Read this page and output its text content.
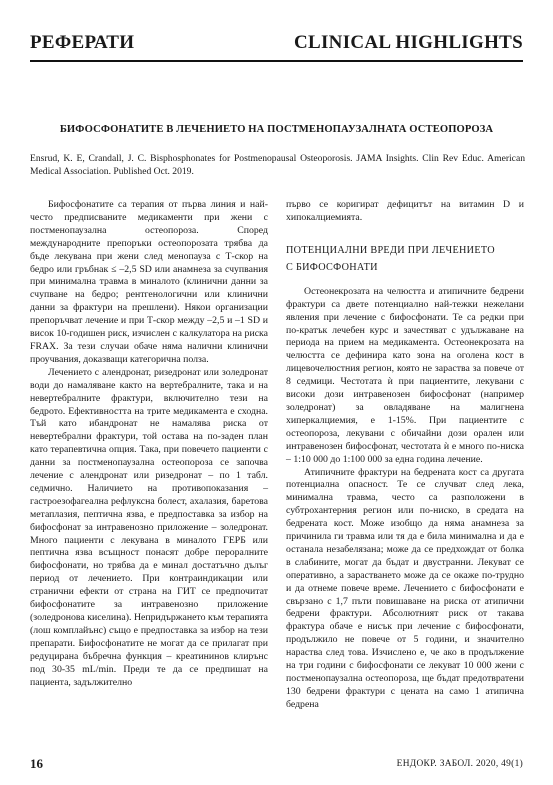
РЕФЕРАТИ	CLINICAL HIGHLIGHTS
БИФОСФОНАТИТЕ В ЛЕЧЕНИЕТО НА ПОСТМЕНОПАУЗАЛНАТА ОСТЕОПОРОЗА
Ensrud, K. E, Crandall, J. C. Bisphosphonates for Postmenopausal Osteoporosis. JAMA Insights. Clin Rev Educ. American Medical Association. Published Oct. 2019.

Бифосфонатите са терапия от първа линия и най-често предписваните медикаменти при жени с постменопаузална остеопороза. Според международните препоръки остеопорозата трябва да бъде лекувана при жени след менопауза с Т-скор на бедро или гръбнак ≤ –2,5 SD или анамнеза за счупвания при минимална травма в миналото (клинични данни за счупване на бедро; рентгенологични или клинични данни за фрактури на прешлени). Някои организации препоръчват лечение и при Т-скор между –2,5 и –1 SD и висок 10-годишен риск, изчислен с калкулатора на риска FRAX. За тези случаи обаче няма налични клинични проучвания, доказващи категорична полза.

Лечението с алендронат, ризедронат или золедронат води до намаляване както на вертебралните, така и на невертебралните фрактури, включително тези на бедрото. Ефективността на трите медикамента е сходна. Тъй като ибандронат не намалява риска от невертебрални фрактури, той остава на по-заден план като терапевтична опция. Така, при повечето пациенти с данни за постменопаузална остеопороза се започва лечение с алендронат или ризедронат – по 1 табл. седмично. Наличието на противопоказания – гастроезофагеална рефлуксна болест, ахалазия, баретова метаплазия, пептична язва, е предпоставка за избор на бифосфонат за интравенозно приложение – золедронат. Много пациенти с лекувана в миналото ГЕРБ или пептична язва всъщност понасят добре пероралните бифосфонати, но трябва да е минал достатъчно дълъг период от лечението. При контраиндикации или странични ефекти от страна на ГИТ се предпочитат бифосфонатите за интравенозно приложение (золедронова киселина). Непридържането към терапията (лош комплайънс) също е предпоставка за избор на тези препарати. Бифосфонатите не могат да се прилагат при редуцирана бъбречна функция – креатининов клирънс под 30-35 mL/min. Преди те да се предпишат на пациента, задължително

първо се коригират дефицитът на витамин D и хипокалциемията.

ПОТЕНЦИАЛНИ ВРЕДИ ПРИ ЛЕЧЕНИЕТО
С БИФОСФОНАТИ

Остеонекрозата на челюстта и атипичните бедрени фрактури са двете потенциално най-тежки нежелани явления при лечение с бифосфонати. Те са редки при по-кратък лечебен курс и зачестяват с удължаване на периода на прием на медикамента. Остеонекрозата на челюстта се дефинира като зона на оголена кост в лицевочелюстния регион, която не зараства за повече от 8 седмици. Честотата ѝ при пациентите, лекувани с високи дози интравенозен бифосфонат (например золедронат) за овладяване на малигнена хиперкалциемия, е 1-15%. При пациентите с остеопороза, лекувани с обичайни дози орален или интравенозен бифосфонат, честотата ѝ е много по-ниска – 1:10 000 до 1:100 000 за една година лечение.

Атипичните фрактури на бедрената кост са другата потенциална опасност. Те се случват след лека, минимална травма, често са разположени в субтрохантерния регион или по-ниско, в средата на бедрената кост. Може изобщо да няма анамнеза за причинила ги травма или тя да е била минимална и да е останала незабелязана; може да се предхождат от болка в слабините, могат да бъдат и двустранни. Лекуват се оперативно, а зарастването може да се окаже по-трудно и да отнеме повече време. Лечението с бифосфонати е свързано с 1,7 пъти повишаване на риска от атипични бедрени фрактури. Абсолютният риск от такава фрактура обаче е нисък при лечение с бифосфонати, продължило не повече от 5 години, и значително нараства след това. Изчислено е, че ако в продължение на три години с бифосфонати се лекуват 10 000 жени с постменопаузална остеопороза, ще бъдат предотвратени 130 бедрени фрактури с цената на само 1 атипична бедрена

16	ЕНДОКР. ЗАБОЛ. 2020, 49(1)
